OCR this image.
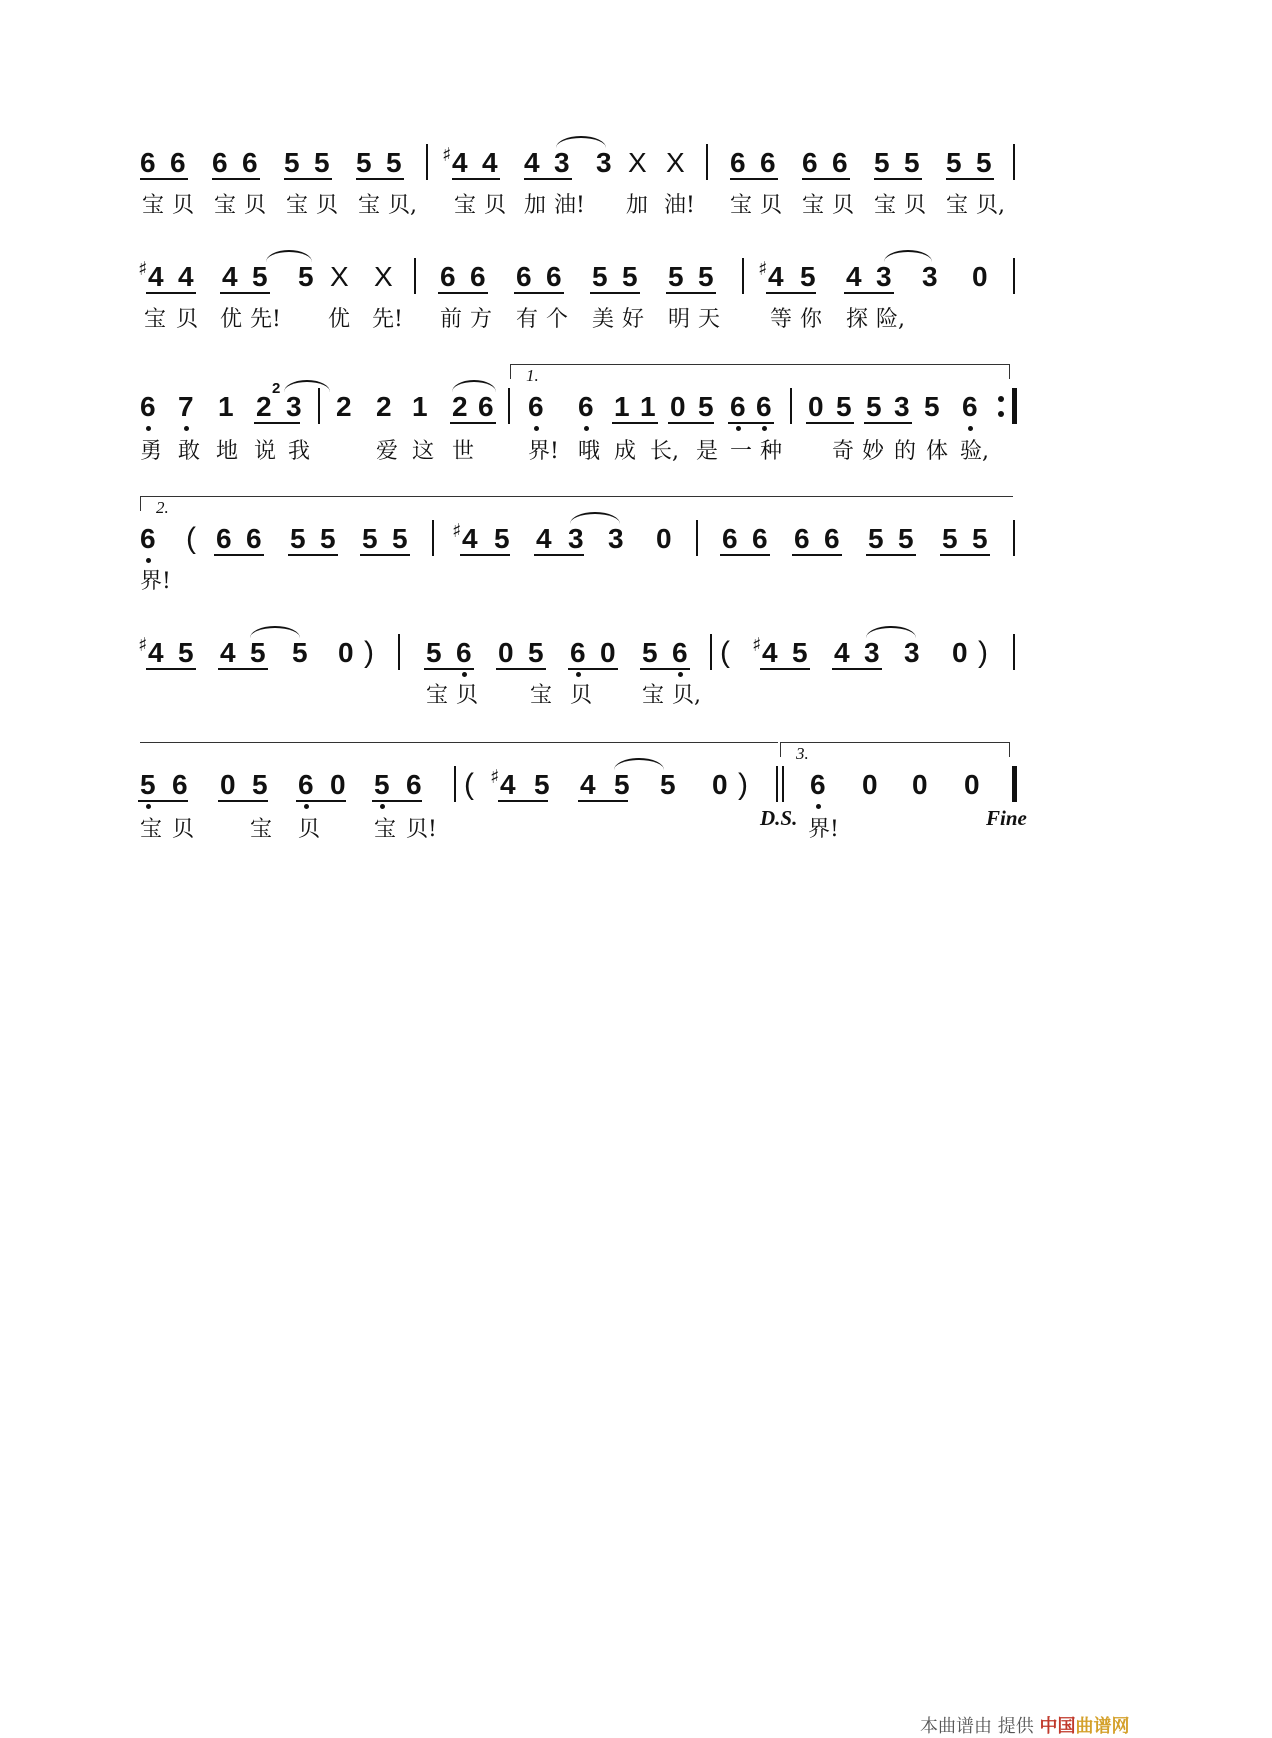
6 6 6 6 5 5 5 5 4
♯ 4 4 3 3 X X 6 6 6 6 5 5 5 5
宝 贝 宝 贝 宝 贝 宝 贝, 宝 贝 加 油! 加 油! 宝 贝 宝 贝 宝 贝 宝 贝,
4
♯ 4 4 5 5 X X 6 6 6 6 5 5 5 5 4
♯ 5 4 3 3 0
宝 贝 优 先! 优 先! 前 方 有 个 美 好 明 天 等 你 探 险,
1.
6 7 1 2 3 2 2 1 2 6 6 6 1 1 0 5 6 6 0 5 5 3 5 6
2
勇 敢 地 说 我	爱 这 世 界! 哦 成 长, 是 一 种 奇 妙 的 体 验,
2.
(
6 6 6 5 5 5 5 4
♯ 5 4 3 3 0 6 6 6 6 5 5 5 5
界!
4
♯ 5 4 5 5 0	5 6 0 5 6 0 5 6	4
♯ 5 4 3 3 0
)	(	)
宝 贝 宝 贝 宝 贝,
3.
5 6 0 5 6 0 5 6	4
♯ 5 4 5 5 0	6 0 0 0
(	)
宝 贝	宝 贝 宝 贝!	界!
D.S.	Fine
本曲谱由 提供 中国曲谱网
